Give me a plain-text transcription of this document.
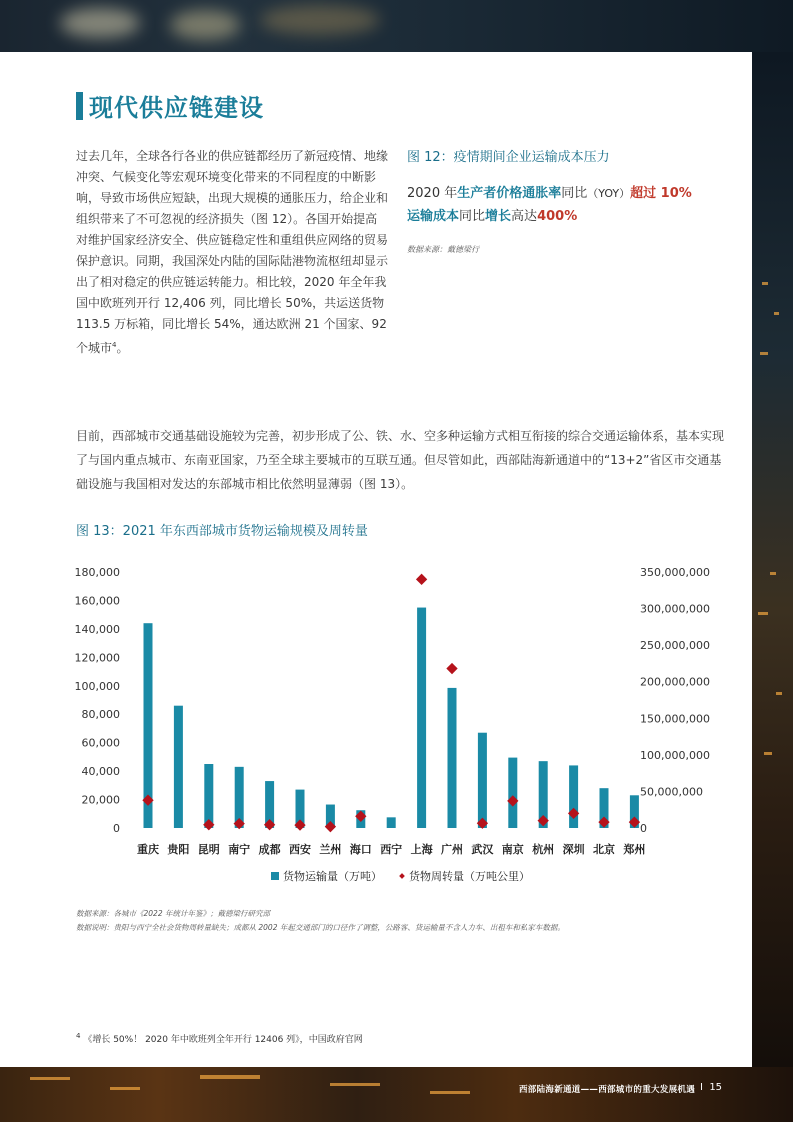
现代供应链建设
过去几年，全球各行各业的供应链都经历了新冠疫情、地缘冲突、气候变化等宏观环境变化带来的不同程度的中断影响，导致市场供应短缺，出现大规模的通胀压力，给企业和组织带来了不可忽视的经济损失（图 12）。各国开始提高对维护国家经济安全、供应链稳定性和重组供应网络的贸易保护意识。同期，我国深处内陆的国际陆港物流枢纽却显示出了相对稳定的供应链运转能力。相比较，2020 年全年我国中欧班列开行 12,406 列，同比增长 50%，共运送货物 113.5 万标箱，同比增长 54%，通达欧洲 21 个国家、92 个城市$^4$。
图 12：疫情期间企业运输成本压力
2020 年生产者价格通胀率同比（YOY）超过 10%
运输成本同比增长高达400%
数据来源：戴德梁行
目前，西部城市交通基础设施较为完善，初步形成了公、铁、水、空多种运输方式相互衔接的综合交通运输体系，基本实现了与国内重点城市、东南亚国家，乃至全球主要城市的互联互通。但尽管如此，西部陆海新通道中的“13+2”省区市交通基础设施与我国相对发达的东部城市相比依然明显薄弱（图 13）。
图 13：2021 年东西部城市货物运输规模及周转量
数据来源：各城市《2022 年统计年鉴》；戴德梁行研究部
数据说明：贵阳与西宁全社会货物周转量缺失；成都从 2002 年起交通部门的口径作了调整，公路客、货运输量不含人力车、出租车和私家车数据。
$^4$ 《增长 50%！ 2020 年中欧班列全年开行 12406 列》，中国政府官网
180,000
160,000
140,000
120,000
100,000
80,000
60,000
40,000
20,000
0
350,000,000
300,000,000
250,000,000
200,000,000
150,000,000
100,000,000
50,000,000
0
重庆 贵阳 昆明 南宁 成都 西安 兰州 海口 西宁 上海 广州 武汉 南京 杭州 深圳 北京 郑州
货物运输量（万吨） 货物周转量（万吨公里）
西部陆海新通道——西部城市的重大发展机遇 I 15
